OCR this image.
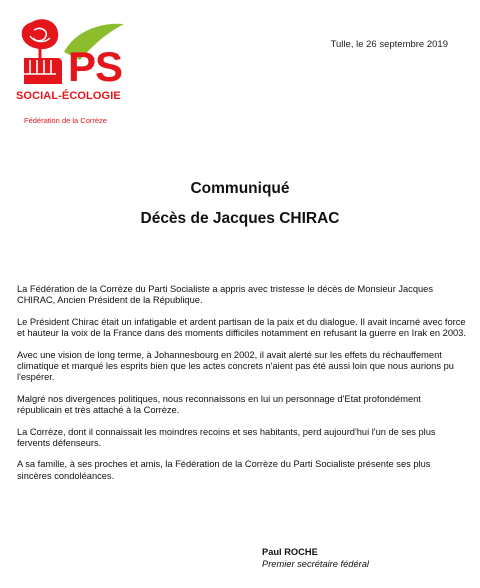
PS
SOCIAL-ÉCOLOGIE
Fédération de la Corrèze
Tulle, le 26 septembre 2019
Communiqué
Décès de Jacques CHIRAC

La Fédération de la Corrèze du Parti Socialiste a appris avec tristesse le décès de Monsieur Jacques CHIRAC, Ancien Président de la République.

Le Président Chirac était un infatigable et ardent partisan de la paix et du dialogue. Il avait incarné avec force et hauteur la voix de la France dans des moments difficiles notamment en refusant la guerre en Irak en 2003.

Avec une vision de long terme, à Johannesbourg en 2002, il avait alerté sur les effets du réchauffement climatique et marqué les esprits bien que les actes concrets n'aient pas été aussi loin que nous aurions pu l'espérer.

Malgré nos divergences politiques, nous reconnaissons en lui un personnage d'Etat profondément républicain et très attaché à la Corrèze.

La Corrèze, dont il connaissait les moindres recoins et ses habitants, perd aujourd'hui l'un de ses plus fervents défenseurs.

A sa famille, à ses proches et amis, la Fédération de la Corrèze du Parti Socialiste présente ses plus sincères condoléances.

Paul ROCHE
Premier secrétaire fédéral
